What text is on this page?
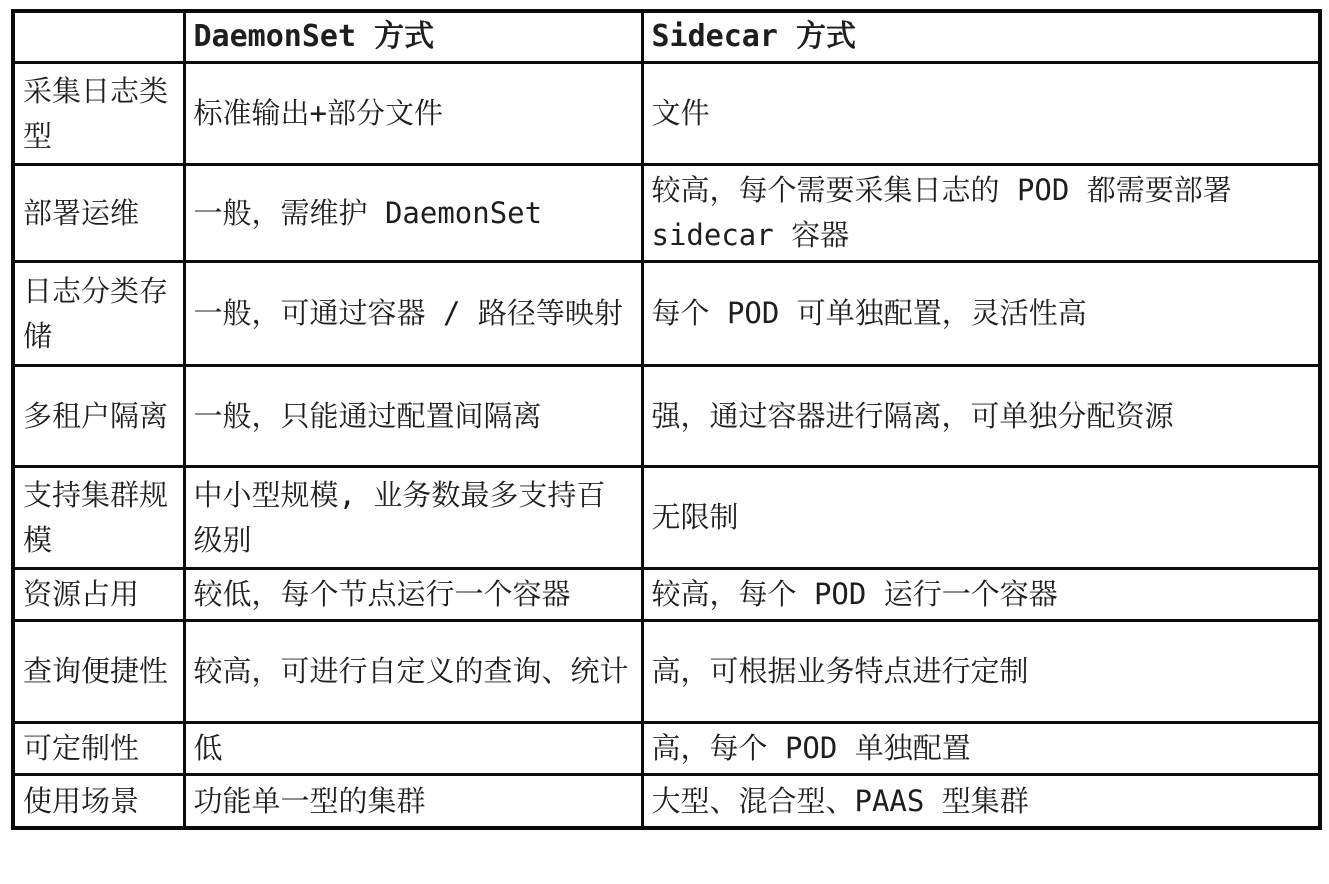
	DaemonSet 方式	Sidecar 方式
采集日志类型	标准输出+部分文件	文件
部署运维	一般，需维护 DaemonSet	较高，每个需要采集日志的 POD 都需要部署 sidecar 容器
日志分类存储	一般，可通过容器 / 路径等映射	每个 POD 可单独配置，灵活性高
多租户隔离	一般，只能通过配置间隔离	强，通过容器进行隔离，可单独分配资源
支持集群规模	中小型规模, 业务数最多支持百级别	无限制
资源占用	较低，每个节点运行一个容器	较高，每个 POD 运行一个容器
查询便捷性	较高，可进行自定义的查询、统计	高，可根据业务特点进行定制
可定制性	低	高，每个 POD 单独配置
使用场景	功能单一型的集群	大型、混合型、PAAS 型集群
